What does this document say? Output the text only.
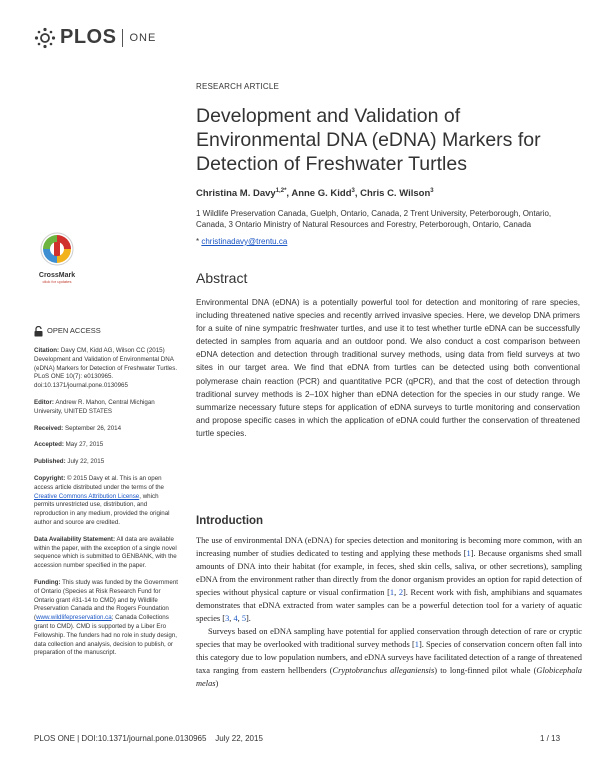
PLOS ONE
RESEARCH ARTICLE
Development and Validation of Environmental DNA (eDNA) Markers for Detection of Freshwater Turtles
Christina M. Davy$^{1,2*}$, Anne G. Kidd$^3$, Chris C. Wilson$^3$
1 Wildlife Preservation Canada, Guelph, Ontario, Canada, 2 Trent University, Peterborough, Ontario, Canada, 3 Ontario Ministry of Natural Resources and Forestry, Peterborough, Ontario, Canada
* christinadavy@trentu.ca
CrossMark
click for updates	Abstract
Environmental DNA (eDNA) is a potentially powerful tool for detection and monitoring of rare species, including threatened native species and recently arrived invasive species. Here, we develop DNA primers for a suite of nine sympatric freshwater turtles, and use it to test whether turtle eDNA can be successfully detected in samples from aquaria and an outdoor pond. We also conduct a cost comparison between eDNA detection and detection through traditional survey methods, using data from field surveys at two sites in our target area. We find that eDNA from turtles can be detected using both conventional polymerase chain reaction (PCR) and quantitative PCR (qPCR), and that the cost of detection through traditional survey methods is 2–10X higher than eDNA detection for the species in our study range. We summarize necessary future steps for application of eDNA surveys to turtle monitoring and conservation and propose specific cases in which the application of eDNA could further the conservation of threatened turtle species.
OPEN ACCESS
Citation: Davy CM, Kidd AG, Wilson CC (2015) Development and Validation of Environmental DNA (eDNA) Markers for Detection of Freshwater Turtles. PLoS ONE 10(7): e0130965. doi:10.1371/journal.pone.0130965
Editor: Andrew R. Mahon, Central Michigan University, UNITED STATES
Received: September 26, 2014
Accepted: May 27, 2015
Published: July 22, 2015
Copyright: © 2015 Davy et al. This is an open access article distributed under the terms of the Creative Commons Attribution License, which permits unrestricted use, distribution, and reproduction in any medium, provided the original author and source are credited.
Data Availability Statement: All data are available within the paper, with the exception of a single novel sequence which is submitted to GENBANK, with the accession number specified in the paper.
Funding: This study was funded by the Government of Ontario (Species at Risk Research Fund for Ontario grant #31-14 to CMD) and by Wildlife Preservation Canada and the Rogers Foundation (www.wildlifepreservation.ca; Canada Collections grant to CMD). CMD is supported by a Liber Ero Fellowship. The funders had no role in study design, data collection and analysis, decision to publish, or preparation of the manuscript.
Introduction

The use of environmental DNA (eDNA) for species detection and monitoring is becoming more common, with an increasing number of studies dedicated to testing and applying these methods [1]. Because organisms shed small amounts of DNA into their habitat (for example, in feces, shed skin cells, saliva, or other secretions), sampling eDNA from the environment rather than directly from the donor organism provides an option for rapid detection of species without physical capture or visual confirmation [1, 2]. Recent work with fish, amphibians and squamates demonstrates that eDNA extracted from water samples can be a powerful detection tool for a variety of aquatic species [3, 4, 5].

Surveys based on eDNA sampling have potential for applied conservation through detection of rare or cryptic species that may be overlooked with traditional survey methods [1]. Species of conservation concern often fall into this category due to low population numbers, and eDNA surveys have facilitated detection of a range of threatened taxa ranging from eastern hellbenders (Cryptobranchus alleganiensis) to long-finned pilot whale (Globicephala melas)

PLOS ONE | DOI:10.1371/journal.pone.0130965    July 22, 2015	1 / 13
